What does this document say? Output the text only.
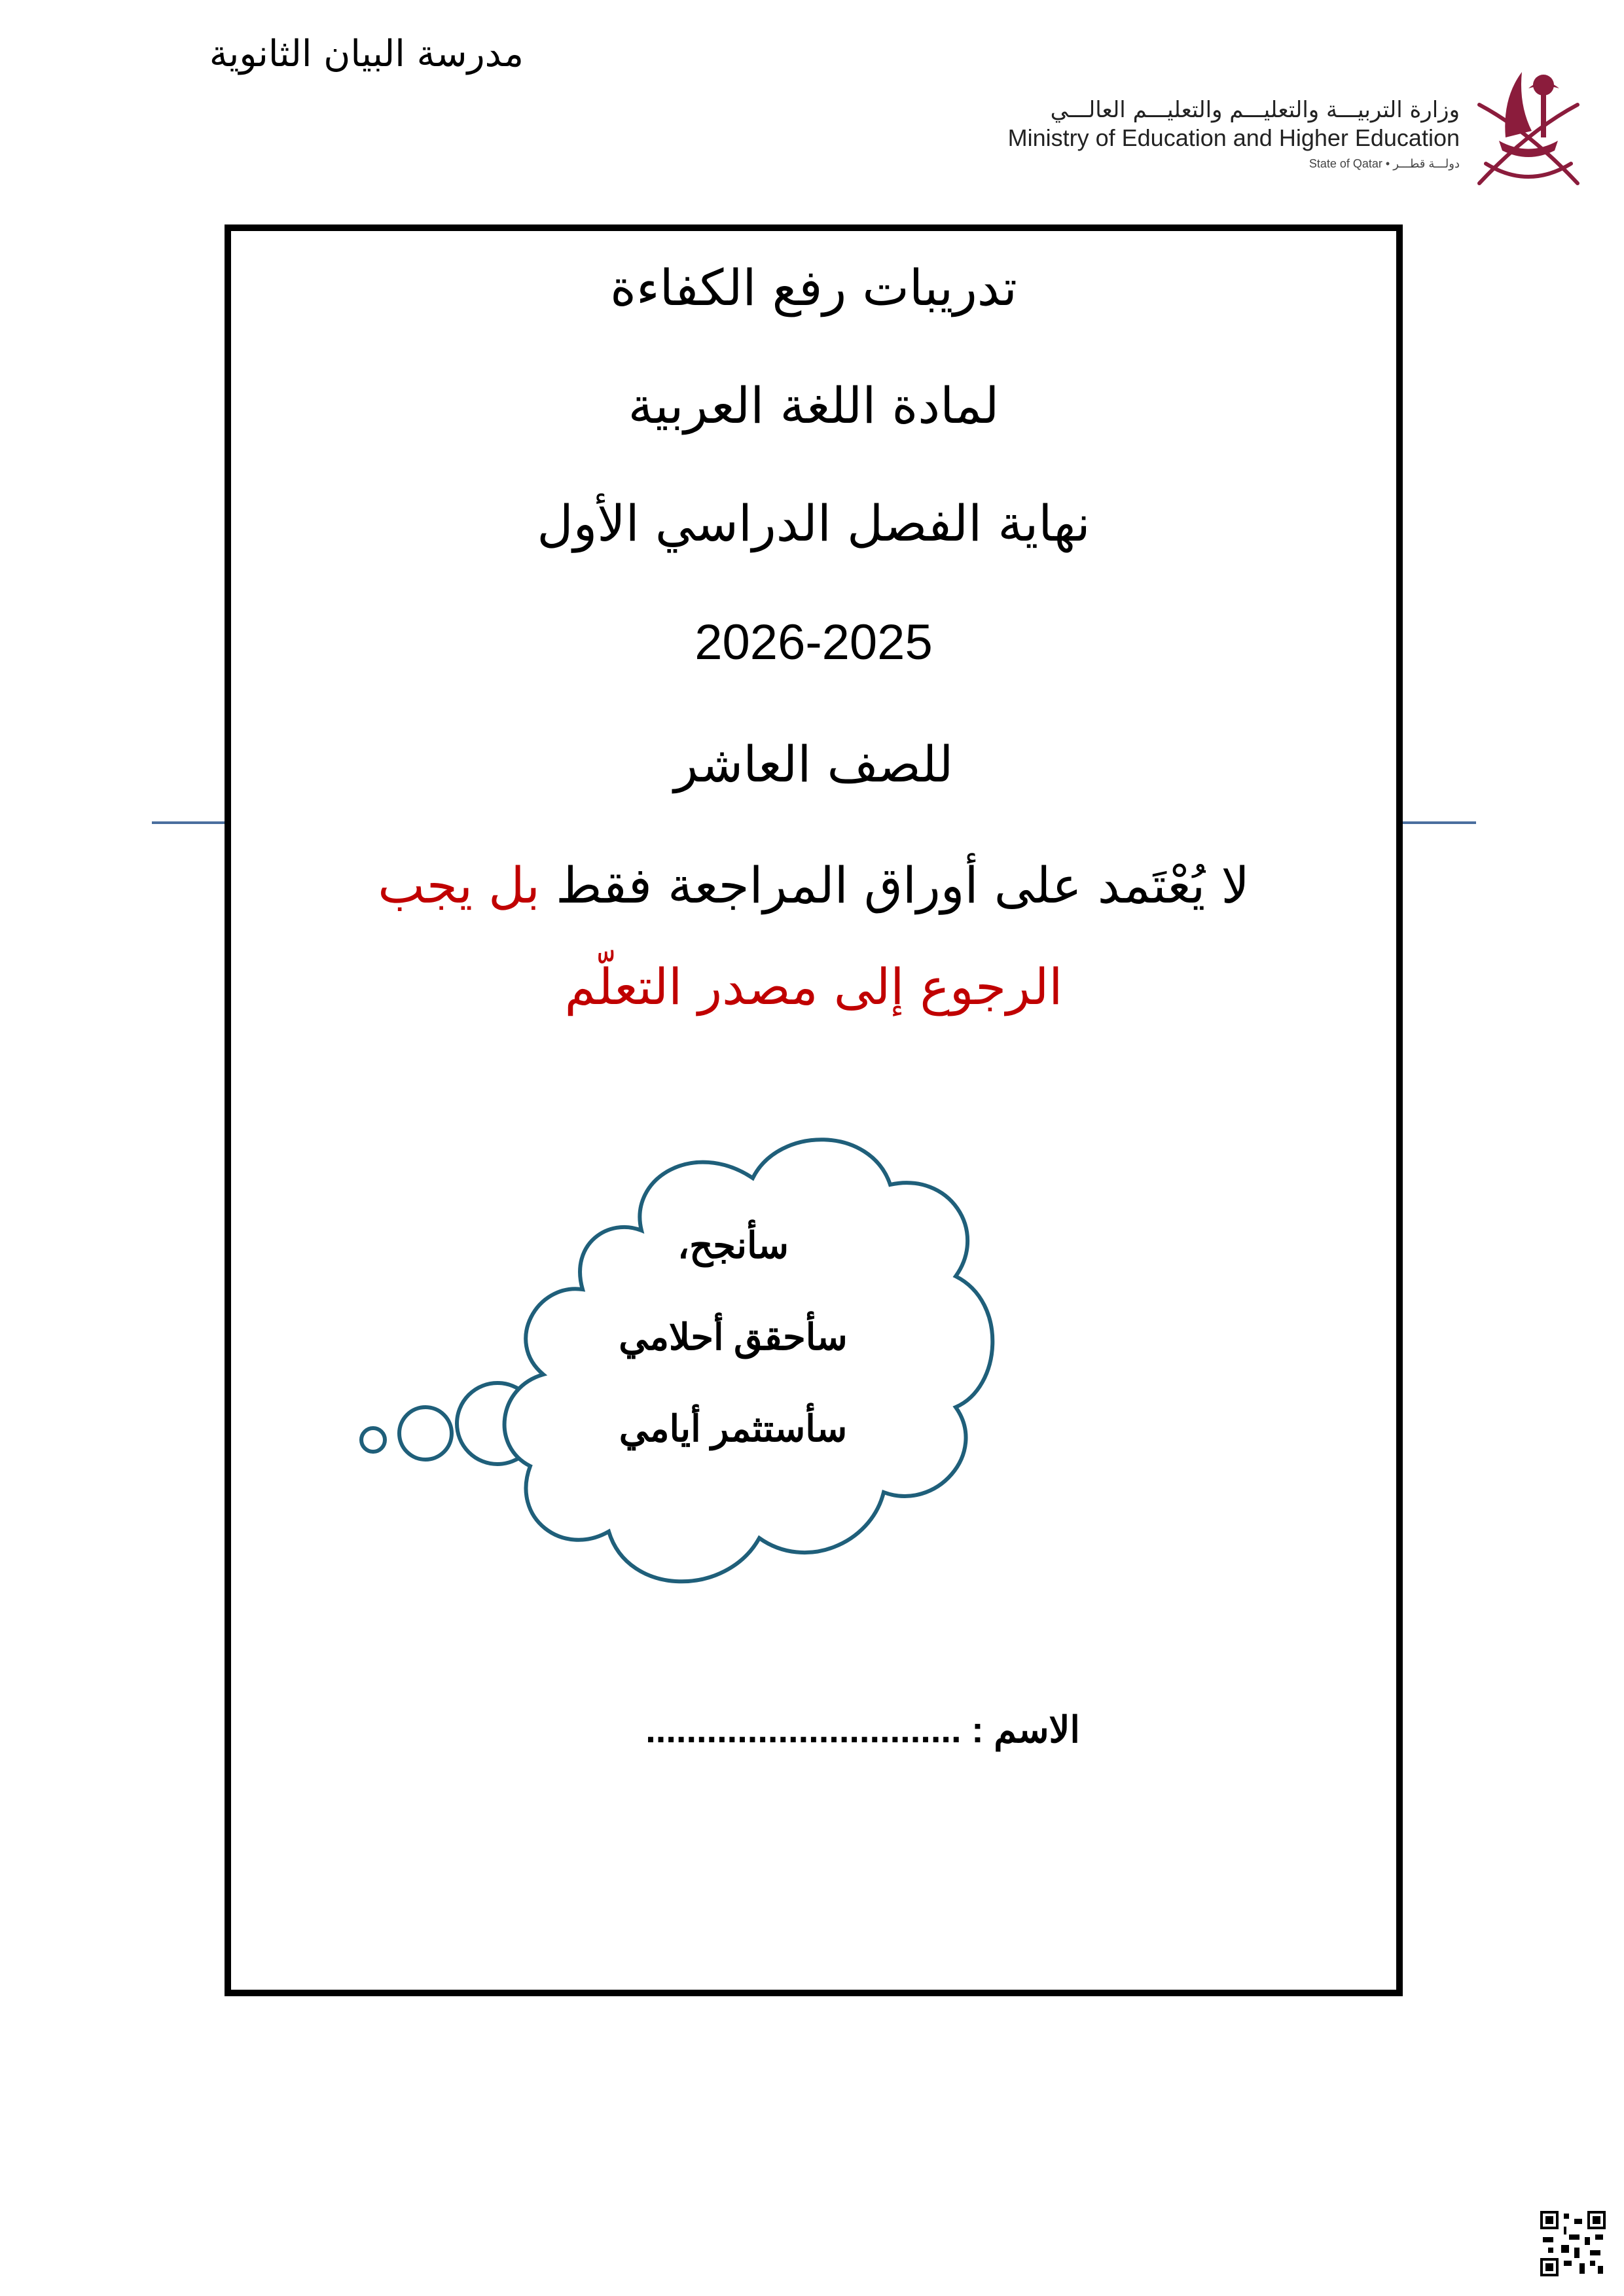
مدرسة البيان الثانوية
وزارة التربيـــة والتعليـــم والتعليـــم العالـــي
Ministry of Education and Higher Education
State of Qatar • دولـــة قطـــر
تدريبات رفع الكفاءة
لمادة اللغة العربية
نهاية الفصل الدراسي الأول
2026-2025
للصف العاشر
لا يُعْتَمد على أوراق المراجعة فقط بل يجب
الرجوع إلى مصدر التعلّم
سأنجح،
سأحقق أحلامي
سأستثمر أيامي
الاسم : ...............................
